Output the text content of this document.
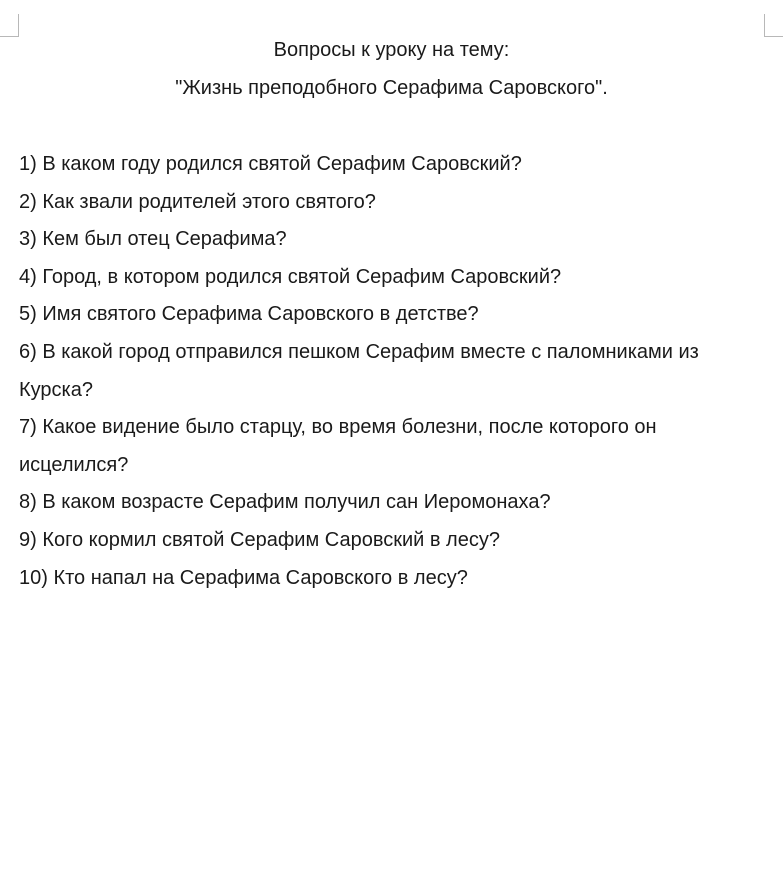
Вопросы к уроку на тему:
"Жизнь преподобного Серафима Саровского".
1) В каком году родился святой Серафим Саровский?
2) Как звали родителей этого святого?
3) Кем был отец Серафима?
4) Город, в котором родился святой Серафим Саровский?
5) Имя святого Серафима Саровского в детстве?
6) В какой город отправился пешком Серафим вместе с паломниками из Курска?
7) Какое видение было старцу, во время болезни, после которого он исцелился?
8) В каком возрасте Серафим получил сан Иеромонаха?
9) Кого кормил святой Серафим Саровский в лесу?
10) Кто напал на Серафима Саровского в лесу?
